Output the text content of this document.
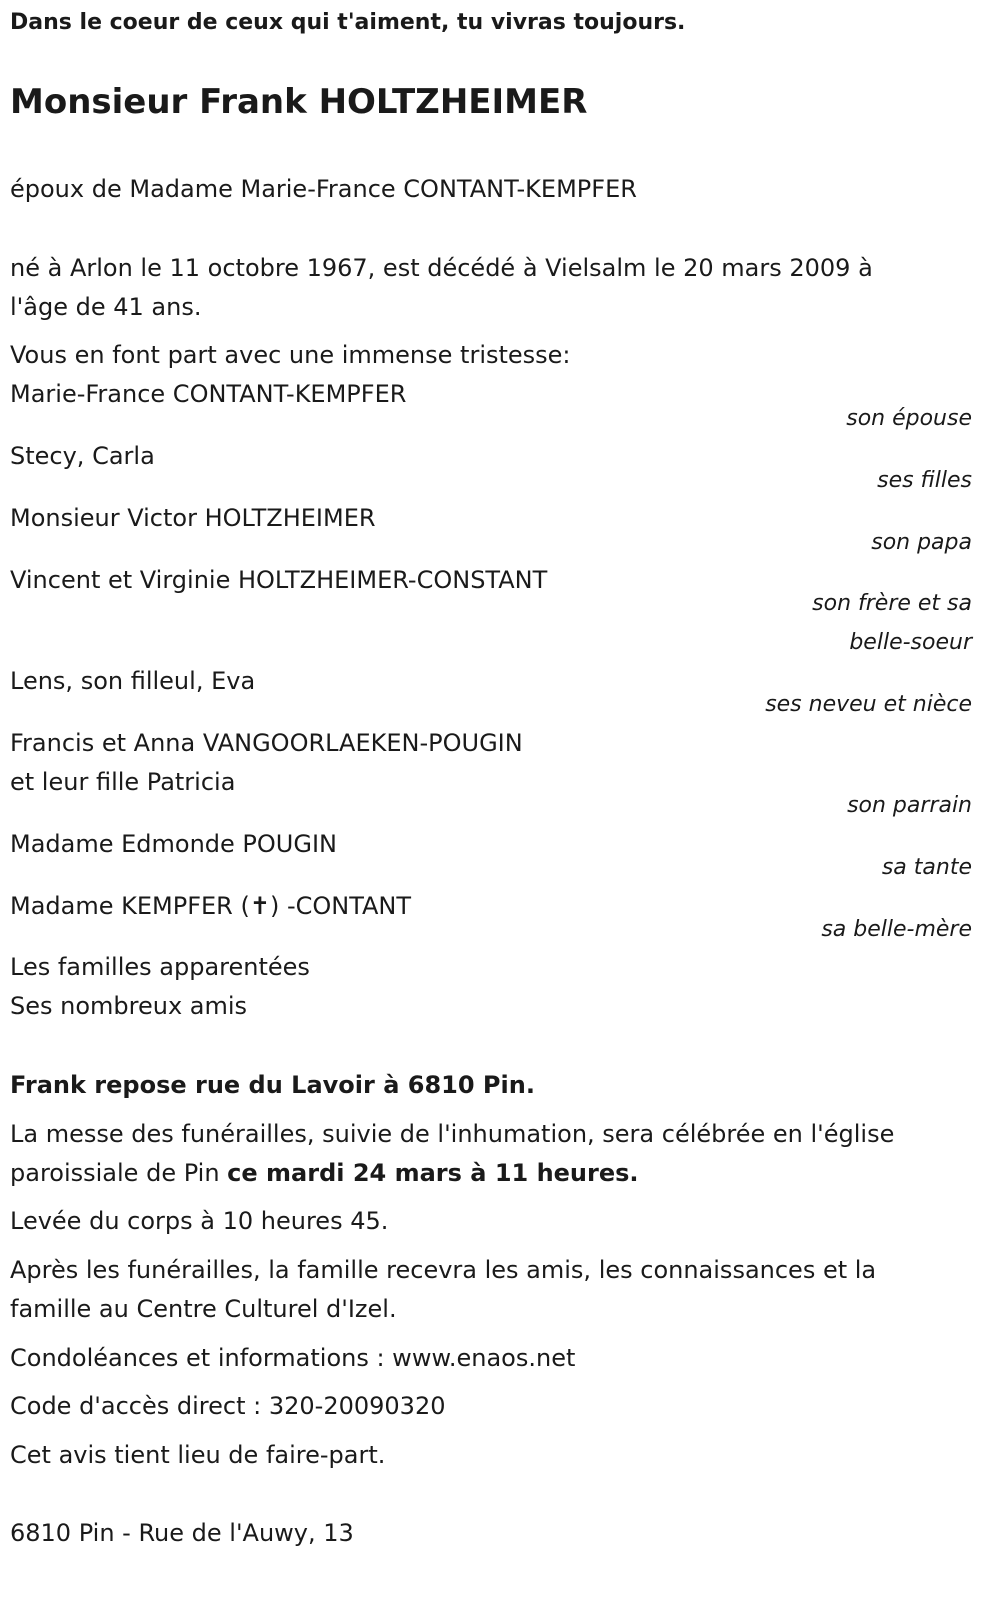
Dans le coeur de ceux qui t'aiment, tu vivras toujours.

Monsieur Frank HOLTZHEIMER

époux de Madame Marie-France CONTANT-KEMPFER

né à Arlon le 11 octobre 1967, est décédé à Vielsalm le 20 mars 2009 à

l'âge de 41 ans.

Vous en font part avec une immense tristesse:

Marie-France CONTANT-KEMPFER

son épouse

Stecy, Carla

ses filles

Monsieur Victor HOLTZHEIMER

son papa

Vincent et Virginie HOLTZHEIMER-CONSTANT

son frère et sa

belle-soeur

Lens, son filleul, Eva

ses neveu et nièce

Francis et Anna VANGOORLAEKEN-POUGIN

et leur fille Patricia

son parrain

Madame Edmonde POUGIN

sa tante

Madame KEMPFER (✝) -CONTANT

sa belle-mère

Les familles apparentées

Ses nombreux amis

Frank repose rue du Lavoir à 6810 Pin.

La messe des funérailles, suivie de l'inhumation, sera célébrée en l'église

paroissiale de Pin ce mardi 24 mars à 11 heures.

Levée du corps à 10 heures 45.

Après les funérailles, la famille recevra les amis, les connaissances et la

famille au Centre Culturel d'Izel.

Condoléances et informations : www.enaos.net

Code d'accès direct : 320-20090320

Cet avis tient lieu de faire-part.

6810 Pin - Rue de l'Auwy, 13
